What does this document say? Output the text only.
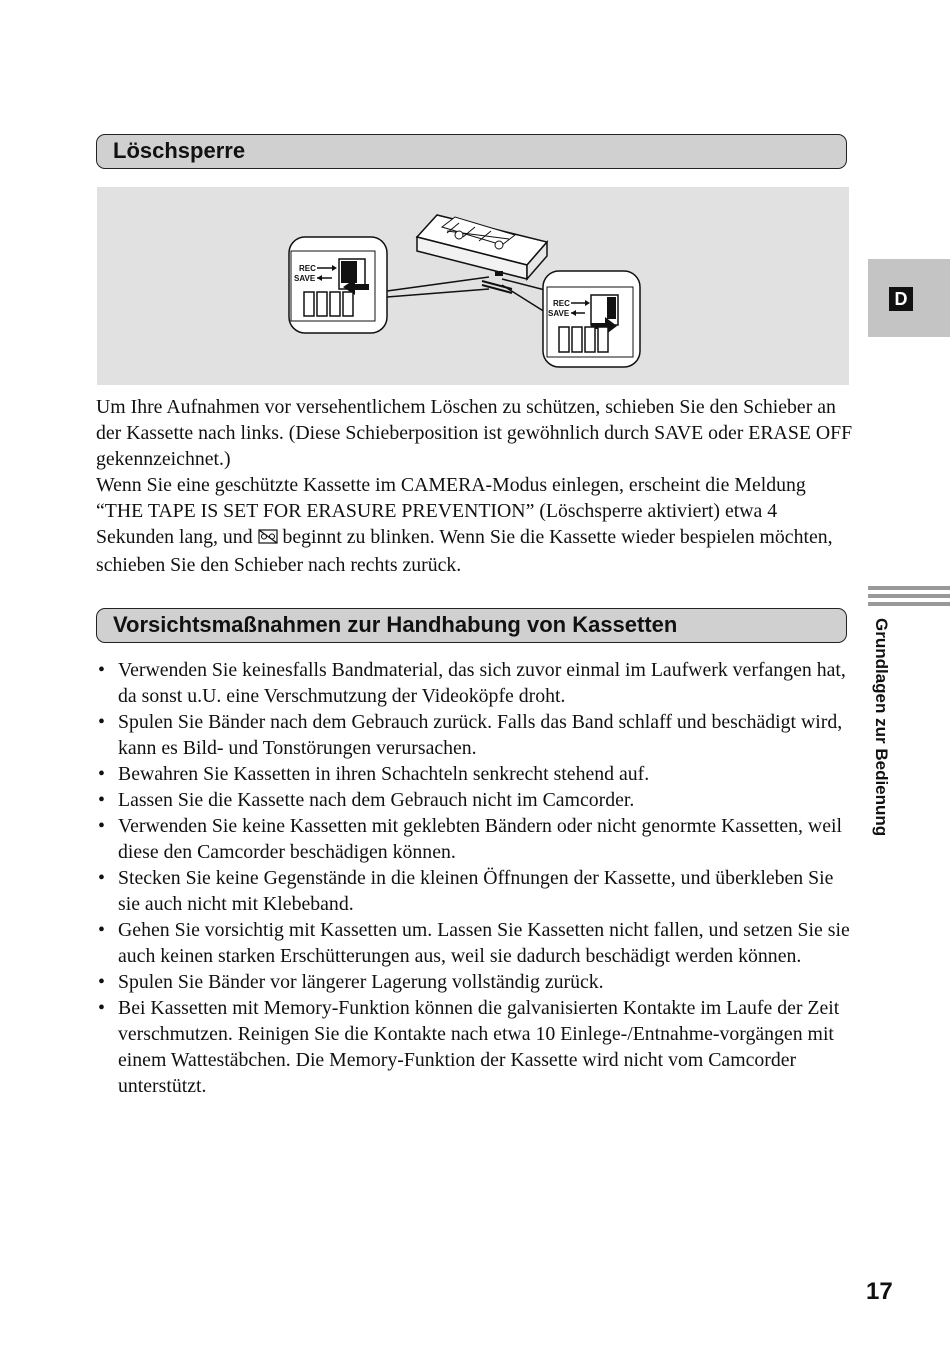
Löschsperre
REC
SAVE
REC
SAVE

Um Ihre Aufnahmen vor versehentlichem Löschen zu schützen, schieben Sie den Schieber an der Kassette nach links. (Diese Schieberposition ist gewöhnlich durch SAVE oder ERASE OFF gekennzeichnet.)

Wenn Sie eine geschützte Kassette im CAMERA-Modus einlegen, erscheint die Meldung “THE TAPE IS SET FOR ERASURE PREVENTION” (Löschsperre aktiviert) etwa 4 Sekunden lang, und  beginnt zu blinken. Wenn Sie die Kassette wieder bespielen möchten, schieben Sie den Schieber nach rechts zurück.

Vorsichtsmaßnahmen zur Handhabung von Kassetten
• Verwenden Sie keinesfalls Bandmaterial, das sich zuvor einmal im Laufwerk verfangen hat, da sonst u.U. eine Verschmutzung der Videoköpfe droht.
• Spulen Sie Bänder nach dem Gebrauch zurück. Falls das Band schlaff und beschädigt wird, kann es Bild- und Tonstörungen verursachen.
• Bewahren Sie Kassetten in ihren Schachteln senkrecht stehend auf.
• Lassen Sie die Kassette nach dem Gebrauch nicht im Camcorder.
• Verwenden Sie keine Kassetten mit geklebten Bändern oder nicht genormte Kassetten, weil diese den Camcorder beschädigen können.
• Stecken Sie keine Gegenstände in die kleinen Öffnungen der Kassette, und überkleben Sie sie auch nicht mit Klebeband.
• Gehen Sie vorsichtig mit Kassetten um. Lassen Sie Kassetten nicht fallen, und setzen Sie sie auch keinen starken Erschütterungen aus, weil sie dadurch beschädigt werden können.
• Spulen Sie Bänder vor längerer Lagerung vollständig zurück.
• Bei Kassetten mit Memory-Funktion können die galvanisierten Kontakte im Laufe der Zeit verschmutzen. Reinigen Sie die Kontakte nach etwa 10 Einlege-/Entnahme-vorgängen mit einem Wattestäbchen. Die Memory-Funktion der Kassette wird nicht vom Camcorder unterstützt.
D
Grundlagen zur Bedienung
17
